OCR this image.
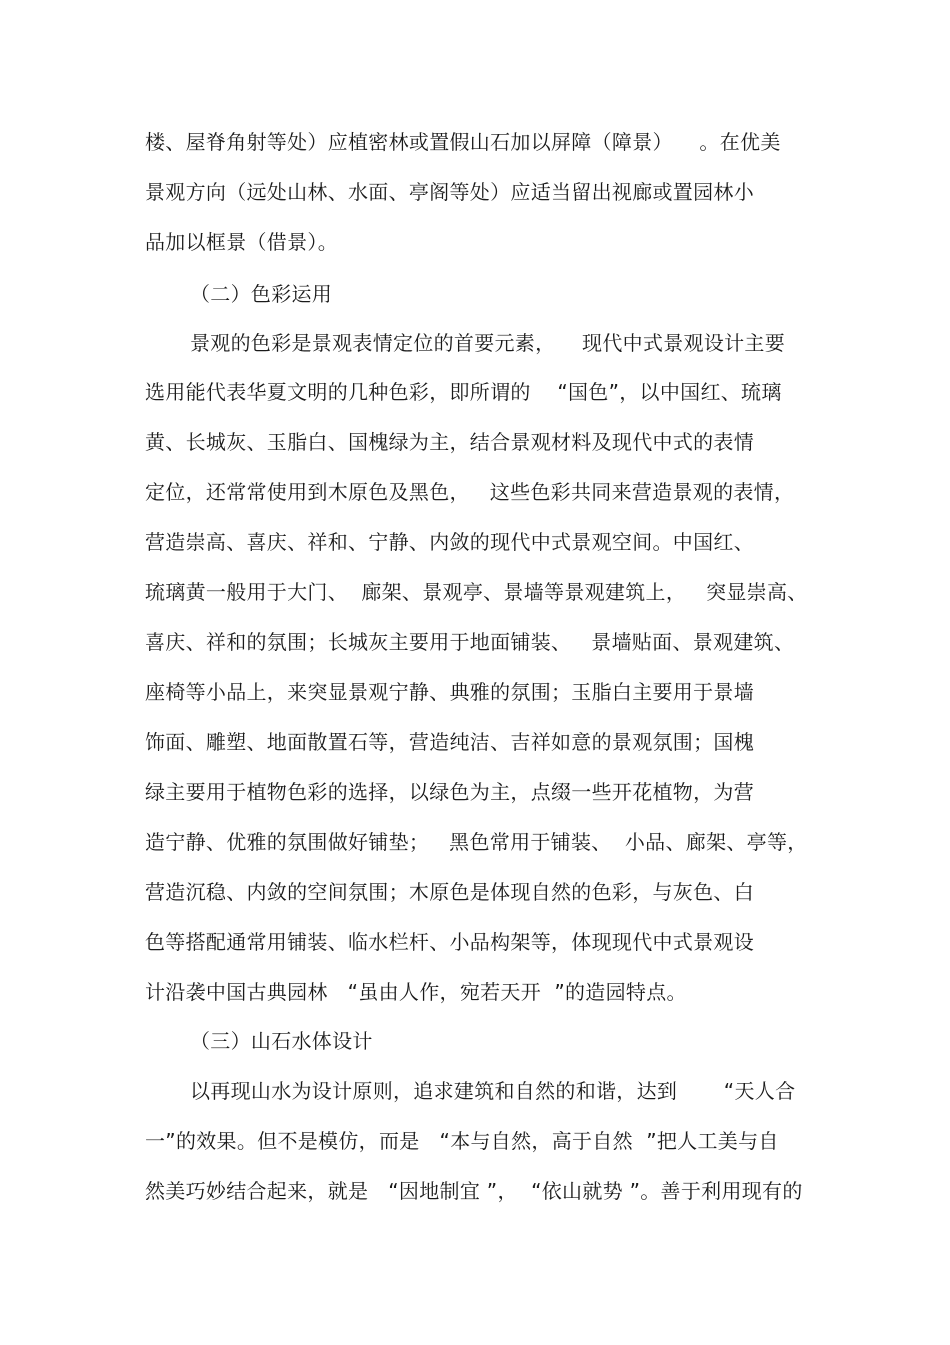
楼、屋脊角射等处）应植密林或置假山石加以屏障（障景）    。在优美
景观方向（远处山林、水面、亭阁等处）应适当留出视廊或置园林小
品加以框景（借景）。
（二）色彩运用
景观的色彩是景观表情定位的首要元素，    现代中式景观设计主要
选用能代表华夏文明的几种色彩，即所谓的    “国色”，以中国红、琉璃
黄、长城灰、玉脂白、国槐绿为主，结合景观材料及现代中式的表情
定位，还常常使用到木原色及黑色，   这些色彩共同来营造景观的表情，
营造崇高、喜庆、祥和、宁静、内敛的现代中式景观空间。中国红、
琉璃黄一般用于大门、  廊架、景观亭、景墙等景观建筑上，   突显崇高、
喜庆、祥和的氛围；长城灰主要用于地面铺装、   景墙贴面、景观建筑、
座椅等小品上，来突显景观宁静、典雅的氛围；玉脂白主要用于景墙
饰面、雕塑、地面散置石等，营造纯洁、吉祥如意的景观氛围；国槐
绿主要用于植物色彩的选择，以绿色为主，点缀一些开花植物，为营
造宁静、优雅的氛围做好铺垫；   黑色常用于铺装、  小品、廊架、亭等，
营造沉稳、内敛的空间氛围；木原色是体现自然的色彩，与灰色、白
色等搭配通常用铺装、临水栏杆、小品构架等，体现现代中式景观设
计沿袭中国古典园林   “虽由人作，宛若天开  ”的造园特点。
（三）山石水体设计
以再现山水为设计原则，追求建筑和自然的和谐，达到       “天人合
一”的效果。但不是模仿，而是   “本与自然，高于自然  ”把人工美与自
然美巧妙结合起来，就是   “因地制宜 ”，  “依山就势 ”。善于利用现有的
